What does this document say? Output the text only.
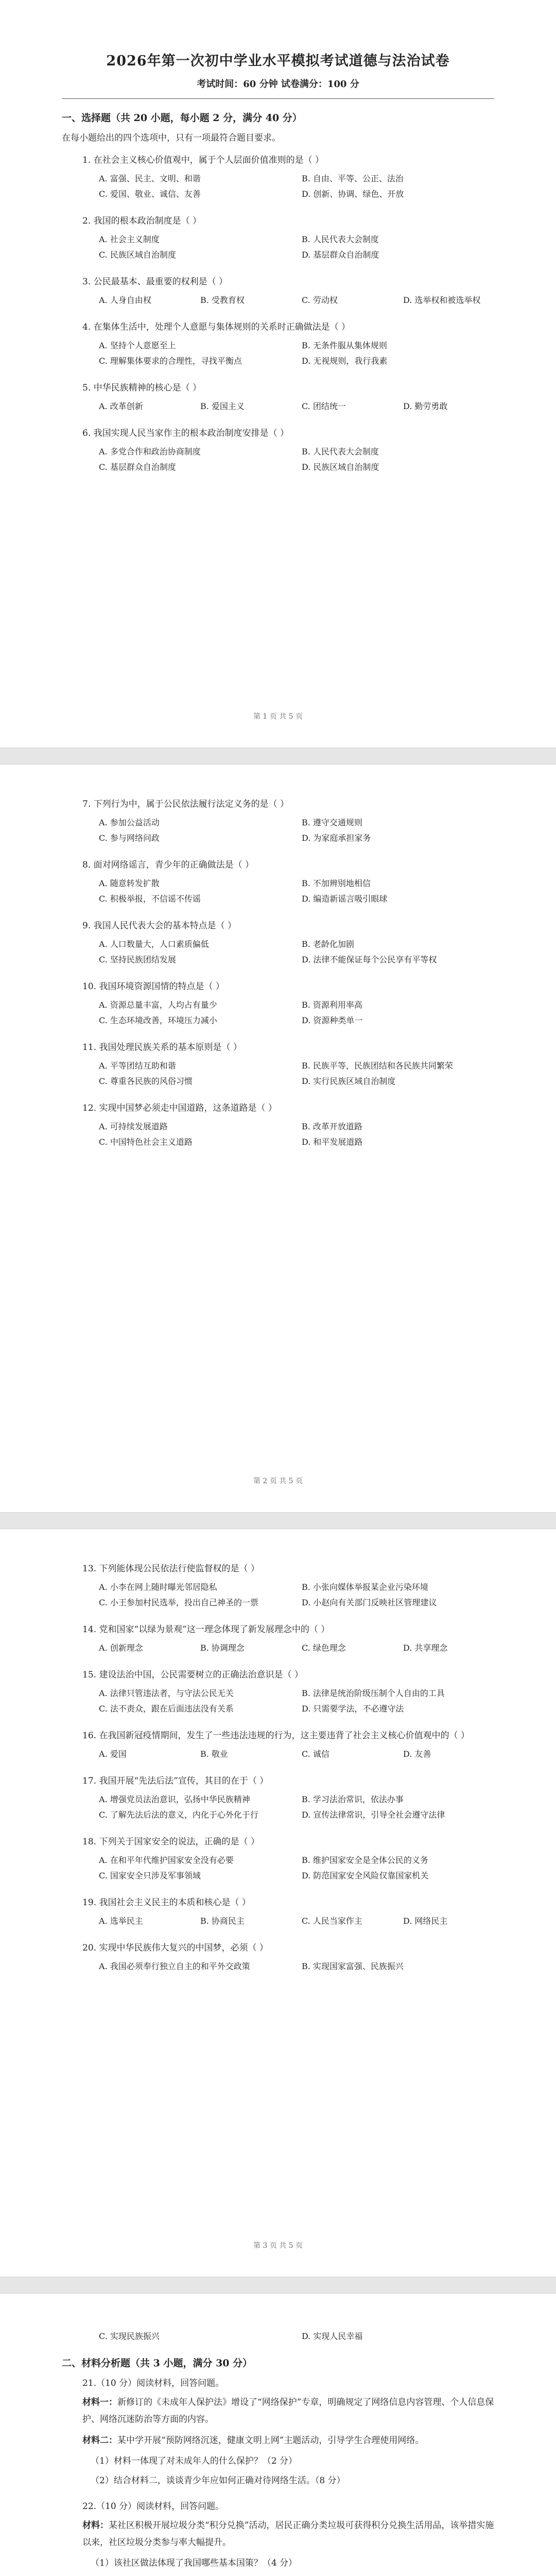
2026年第一次初中学业水平模拟考试道德与法治试卷
考试时间：60 分钟 试卷满分：100 分
一、选择题（共 20 小题，每小题 2 分，满分 40 分）
在每小题给出的四个选项中，只有一项最符合题目要求。
1. 在社会主义核心价值观中，属于个人层面价值准则的是（ ）
A. 富强、民主、文明、和谐	B. 自由、平等、公正、法治
C. 爱国、敬业、诚信、友善	D. 创新、协调、绿色、开放
2. 我国的根本政治制度是（ ）
A. 社会主义制度	B. 人民代表大会制度
C. 民族区域自治制度	D. 基层群众自治制度
3. 公民最基本、最重要的权利是（ ）
A. 人身自由权	B. 受教育权	C. 劳动权	D. 选举权和被选举权
4. 在集体生活中，处理个人意愿与集体规则的关系时正确做法是（ ）
A. 坚持个人意愿至上	B. 无条件服从集体规则
C. 理解集体要求的合理性，寻找平衡点	D. 无视规则，我行我素
5. 中华民族精神的核心是（ ）
A. 改革创新	B. 爱国主义	C. 团结统一	D. 勤劳勇敢
6. 我国实现人民当家作主的根本政治制度安排是（ ）
A. 多党合作和政治协商制度	B. 人民代表大会制度
C. 基层群众自治制度	D. 民族区域自治制度
第 1 页 共 5 页
7. 下列行为中，属于公民依法履行法定义务的是（ ）
A. 参加公益活动	B. 遵守交通规则
C. 参与网络问政	D. 为家庭承担家务
8. 面对网络谣言，青少年的正确做法是（ ）
A. 随意转发扩散	B. 不加辨别地相信
C. 积极举报，不信谣不传谣	D. 编造新谣言吸引眼球
9. 我国人民代表大会的基本特点是（ ）
A. 人口数量大，人口素质偏低	B. 老龄化加剧
C. 坚持民族团结发展	D. 法律不能保证每个公民享有平等权
10. 我国环境资源国情的特点是（ ）
A. 资源总量丰富，人均占有量少	B. 资源利用率高
C. 生态环境改善，环境压力减小	D. 资源种类单一
11. 我国处理民族关系的基本原则是（ ）
A. 平等团结互助和谐	B. 民族平等，民族团结和各民族共同繁荣
C. 尊重各民族的风俗习惯	D. 实行民族区域自治制度
12. 实现中国梦必须走中国道路，这条道路是（ ）
A. 可持续发展道路	B. 改革开放道路
C. 中国特色社会主义道路	D. 和平发展道路
第 2 页 共 5 页
13. 下列能体现公民依法行使监督权的是（ ）
A. 小李在网上随时曝光邻居隐私	B. 小张向媒体举报某企业污染环境
C. 小王参加村民选举，投出自己神圣的一票	D. 小赵向有关部门反映社区管理建议
14. 党和国家“以绿为景观”这一理念体现了新发展理念中的（ ）
A. 创新理念	B. 协调理念	C. 绿色理念	D. 共享理念
15. 建设法治中国，公民需要树立的正确法治意识是（ ）
A. 法律只管违法者，与守法公民无关	B. 法律是统治阶级压制个人自由的工具
C. 法不责众，跟在后面违法没有关系	D. 只需要学法，不必遵守法
16. 在我国新冠疫情期间，发生了一些违法违规的行为，这主要违背了社会主义核心价值观中的（ ）
A. 爱国	B. 敬业	C. 诚信	D. 友善
17. 我国开展“先法后法”宣传，其目的在于（ ）
A. 增强党员法治意识，弘扬中华民族精神	B. 学习法治常识，依法办事
C. 了解先法后法的意义，内化于心外化于行	D. 宣传法律常识，引导全社会遵守法律
18. 下列关于国家安全的说法，正确的是（ ）
A. 在和平年代维护国家安全没有必要	B. 维护国家安全是全体公民的义务
C. 国家安全只涉及军事领域	D. 防范国家安全风险仅靠国家机关
19. 我国社会主义民主的本质和核心是（ ）
A. 选举民主	B. 协商民主	C. 人民当家作主	D. 网络民主
20. 实现中华民族伟大复兴的中国梦，必须（ ）
A. 我国必须奉行独立自主的和平外交政策	B. 实现国家富强、民族振兴
第 3 页 共 5 页
C. 实现民族振兴	D. 实现人民幸福
二、材料分析题（共 3 小题，满分 30 分）
21.（10 分）阅读材料，回答问题。
材料一：新修订的《未成年人保护法》增设了“网络保护”专章，明确规定了网络信息内容管理、个人信息保护、网络沉迷防治等方面的内容。
材料二：某中学开展“预防网络沉迷，健康文明上网”主题活动，引导学生合理使用网络。
（1）材料一体现了对未成年人的什么保护？（2 分）
（2）结合材料二，谈谈青少年应如何正确对待网络生活。（8 分）
22.（10 分）阅读材料，回答问题。
材料：某社区积极开展垃圾分类“积分兑换”活动，居民正确分类垃圾可获得积分兑换生活用品，该举措实施以来，社区垃圾分类参与率大幅提升。
（1）该社区做法体现了我国哪些基本国策？（4 分）
